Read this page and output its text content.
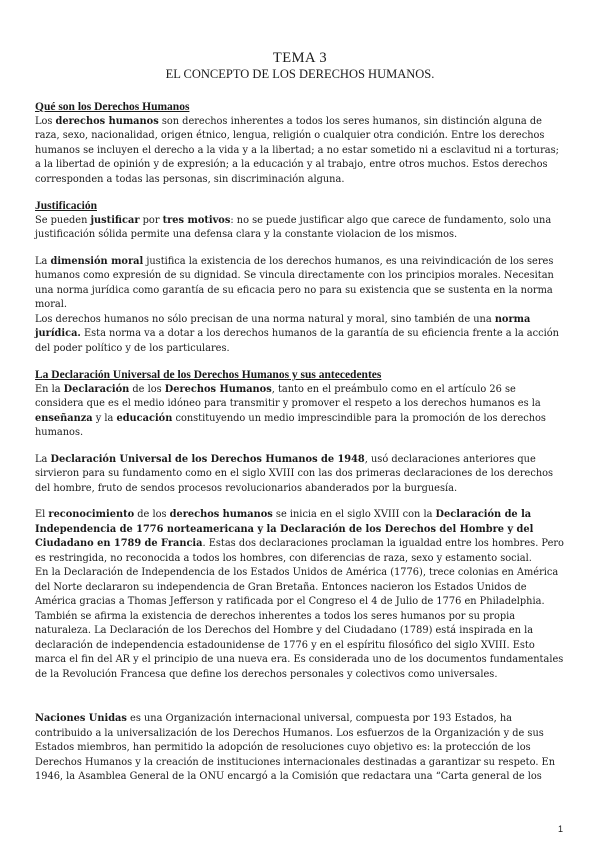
TEMA 3
EL CONCEPTO DE LOS DERECHOS HUMANOS.
Qué son los Derechos Humanos

Los derechos humanos son derechos inherentes a todos los seres humanos, sin distinción alguna de raza, sexo, nacionalidad, origen étnico, lengua, religión o cualquier otra condición. Entre los derechos humanos se incluyen el derecho a la vida y a la libertad; a no estar sometido ni a esclavitud ni a torturas; a la libertad de opinión y de expresión; a la educación y al trabajo, entre otros muchos. Estos derechos corresponden a todas las personas, sin discriminación alguna.

Justificación

Se pueden justificar por tres motivos: no se puede justificar algo que carece de fundamento, solo una justificación sólida permite una defensa clara y la constante violacion de los mismos.

La dimensión moral justifica la existencia de los derechos humanos, es una reivindicación de los seres humanos como expresión de su dignidad. Se vincula directamente con los principios morales. Necesitan una norma jurídica como garantía de su eficacia pero no para su existencia que se sustenta en la norma moral.

Los derechos humanos no sólo precisan de una norma natural y moral, sino también de una norma jurídica. Esta norma va a dotar a los derechos humanos de la garantía de su eficiencia frente a la acción del poder político y de los particulares.

La Declaración Universal de los Derechos Humanos y sus antecedentes

En la Declaración de los Derechos Humanos, tanto en el preámbulo como en el artículo 26 se considera que es el medio idóneo para transmitir y promover el respeto a los derechos humanos es la enseñanza y la educación constituyendo un medio imprescindible para la promoción de los derechos humanos.

La Declaración Universal de los Derechos Humanos de 1948, usó declaraciones anteriores que sirvieron para su fundamento como en el siglo XVIII con las dos primeras declaraciones de los derechos del hombre, fruto de sendos procesos revolucionarios abanderados por la burguesía.

El reconocimiento de los derechos humanos se inicia en el siglo XVIII con la Declaración de la Independencia de 1776 norteamericana y la Declaración de los Derechos del Hombre y del Ciudadano en 1789 de Francia. Estas dos declaraciones proclaman la igualdad entre los hombres. Pero es restringida, no reconocida a todos los hombres, con diferencias de raza, sexo y estamento social.

En la Declaración de Independencia de los Estados Unidos de América (1776), trece colonias en América del Norte declararon su independencia de Gran Bretaña. Entonces nacieron los Estados Unidos de América gracias a Thomas Jefferson y ratificada por el Congreso el 4 de Julio de 1776 en Philadelphia. También se afirma la existencia de derechos inherentes a todos los seres humanos por su propia naturaleza. La Declaración de los Derechos del Hombre y del Ciudadano (1789) está inspirada en la declaración de independencia estadounidense de 1776 y en el espíritu filosófico del siglo XVIII. Esto marca el fin del AR y el principio de una nueva era. Es considerada uno de los documentos fundamentales de la Revolución Francesa que define los derechos personales y colectivos como universales.

Naciones Unidas es una Organización internacional universal, compuesta por 193 Estados, ha contribuido a la universalización de los Derechos Humanos. Los esfuerzos de la Organización y de sus Estados miembros, han permitido la adopción de resoluciones cuyo objetivo es: la protección de los Derechos Humanos y la creación de instituciones internacionales destinadas a garantizar su respeto. En 1946, la Asamblea General de la ONU encargó a la Comisión que redactara una “Carta general de los

1
